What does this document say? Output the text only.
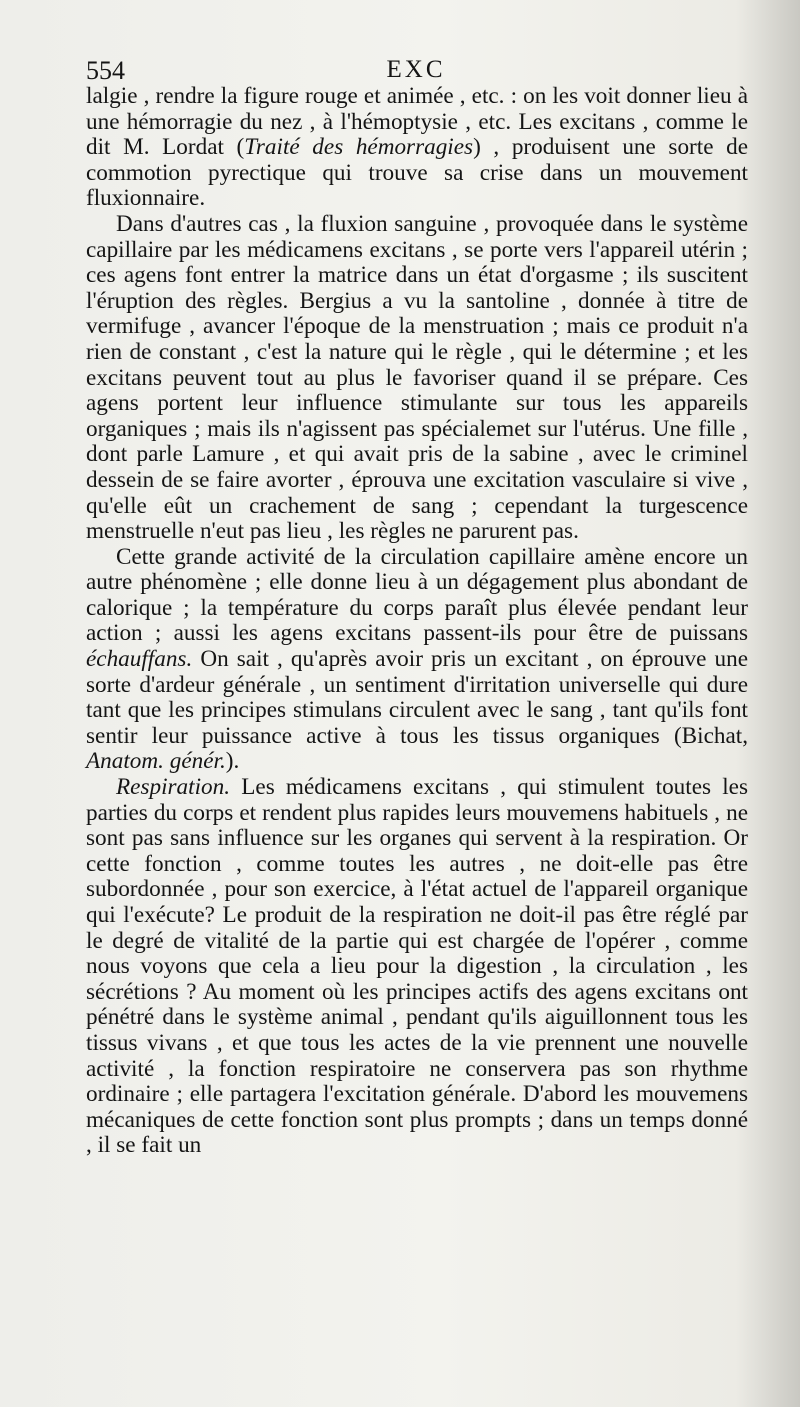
554	EXC

lalgie , rendre la figure rouge et animée , etc. : on les voit donner lieu à une hémorragie du nez , à l'hémoptysie , etc. Les excitans , comme le dit M. Lordat (Traité des hémorragies) , produisent une sorte de commotion pyrectique qui trouve sa crise dans un mouvement fluxionnaire.

Dans d'autres cas , la fluxion sanguine , provoquée dans le système capillaire par les médicamens excitans , se porte vers l'appareil utérin ; ces agens font entrer la matrice dans un état d'orgasme ; ils suscitent l'éruption des règles. Bergius a vu la santoline , donnée à titre de vermifuge , avancer l'époque de la menstruation ; mais ce produit n'a rien de constant , c'est la nature qui le règle , qui le détermine ; et les excitans peuvent tout au plus le favoriser quand il se prépare. Ces agens portent leur influence stimulante sur tous les appareils organiques ; mais ils n'agissent pas spécialemet sur l'utérus. Une fille , dont parle Lamure , et qui avait pris de la sabine , avec le criminel dessein de se faire avorter , éprouva une excitation vasculaire si vive , qu'elle eût un crachement de sang ; cependant la turgescence menstruelle n'eut pas lieu , les règles ne parurent pas.

Cette grande activité de la circulation capillaire amène encore un autre phénomène ; elle donne lieu à un dégagement plus abondant de calorique ; la température du corps paraît plus élevée pendant leur action ; aussi les agens excitans passent-ils pour être de puissans échauffans. On sait , qu'après avoir pris un excitant , on éprouve une sorte d'ardeur générale , un sentiment d'irritation universelle qui dure tant que les principes stimulans circulent avec le sang , tant qu'ils font sentir leur puissance active à tous les tissus organiques (Bichat, Anatom. génér.).

Respiration. Les médicamens excitans , qui stimulent toutes les parties du corps et rendent plus rapides leurs mouvemens habituels , ne sont pas sans influence sur les organes qui servent à la respiration. Or cette fonction , comme toutes les autres , ne doit-elle pas être subordonnée , pour son exercice, à l'état actuel de l'appareil organique qui l'exécute? Le produit de la respiration ne doit-il pas être réglé par le degré de vitalité de la partie qui est chargée de l'opérer , comme nous voyons que cela a lieu pour la digestion , la circulation , les sécrétions ? Au moment où les principes actifs des agens excitans ont pénétré dans le système animal , pendant qu'ils aiguillonnent tous les tissus vivans , et que tous les actes de la vie prennent une nouvelle activité , la fonction respiratoire ne conservera pas son rhythme ordinaire ; elle partagera l'excitation générale. D'abord les mouvemens mécaniques de cette fonction sont plus prompts ; dans un temps donné , il se fait un
